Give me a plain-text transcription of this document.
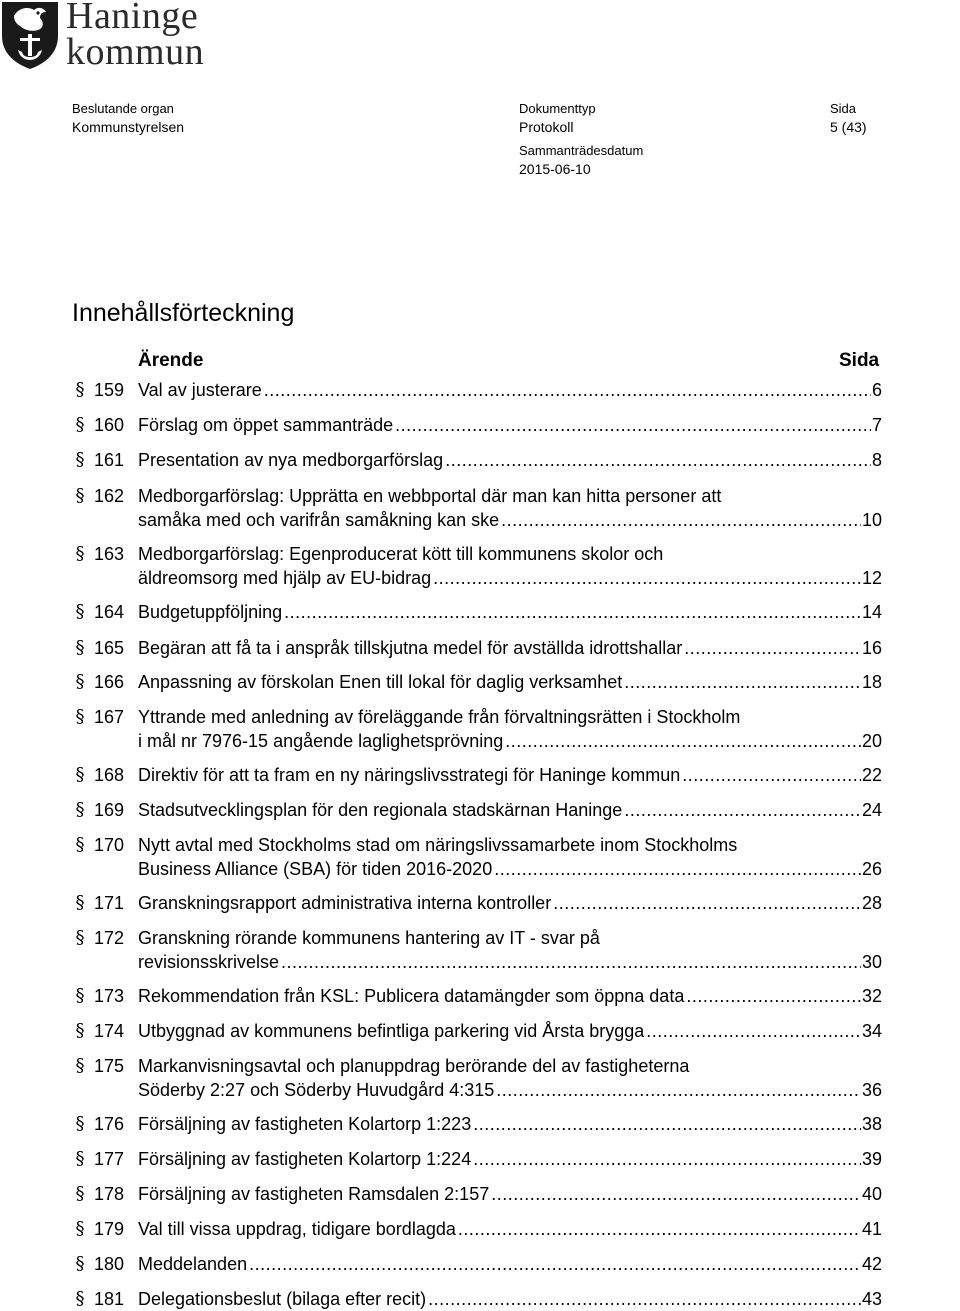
Haninge
kommun
Beslutande organ
Kommunstyrelsen
Dokumenttyp
Protokoll
Sida
5 (43)
Sammanträdesdatum
2015-06-10
Innehållsförteckning
Ärende	Sida
§ 159 Val av justerare .....	6
§ 160 Förslag om öppet sammanträde .....	7
§ 161 Presentation av nya medborgarförslag .....	8
§ 162 Medborgarförslag: Upprätta en webbportal där man kan hitta personer att
samåka med och varifrån samåkning kan ske .....	10
§ 163 Medborgarförslag: Egenproducerat kött till kommunens skolor och
äldreomsorg med hjälp av EU-bidrag .....	12
§ 164 Budgetuppföljning .....	14
§ 165 Begäran att få ta i anspråk tillskjutna medel för avställda idrottshallar .....	16
§ 166 Anpassning av förskolan Enen till lokal för daglig verksamhet .....	18
§ 167 Yttrande med anledning av föreläggande från förvaltningsrätten i Stockholm
i mål nr 7976-15 angående laglighetsprövning .....	20
§ 168 Direktiv för att ta fram en ny näringslivsstrategi för Haninge kommun .....	22
§ 169 Stadsutvecklingsplan för den regionala stadskärnan Haninge .....	24
§ 170 Nytt avtal med Stockholms stad om näringslivssamarbete inom Stockholms
Business Alliance (SBA) för tiden 2016-2020 .....	26
§ 171 Granskningsrapport administrativa interna kontroller .....	28
§ 172 Granskning rörande kommunens hantering av IT - svar på
revisionsskrivelse .....	30
§ 173 Rekommendation från KSL: Publicera datamängder som öppna data .....	32
§ 174 Utbyggnad av kommunens befintliga parkering vid Årsta brygga .....	34
§ 175 Markanvisningsavtal och planuppdrag berörande del av fastigheterna
Söderby 2:27 och Söderby Huvudgård 4:315 .....	36
§ 176 Försäljning av fastigheten Kolartorp 1:223 .....	38
§ 177 Försäljning av fastigheten Kolartorp 1:224 .....	39
§ 178 Försäljning av fastigheten Ramsdalen 2:157 .....	40
§ 179 Val till vissa uppdrag, tidigare bordlagda .....	41
§ 180 Meddelanden .....	42
§ 181 Delegationsbeslut (bilaga efter recit) .....	43
